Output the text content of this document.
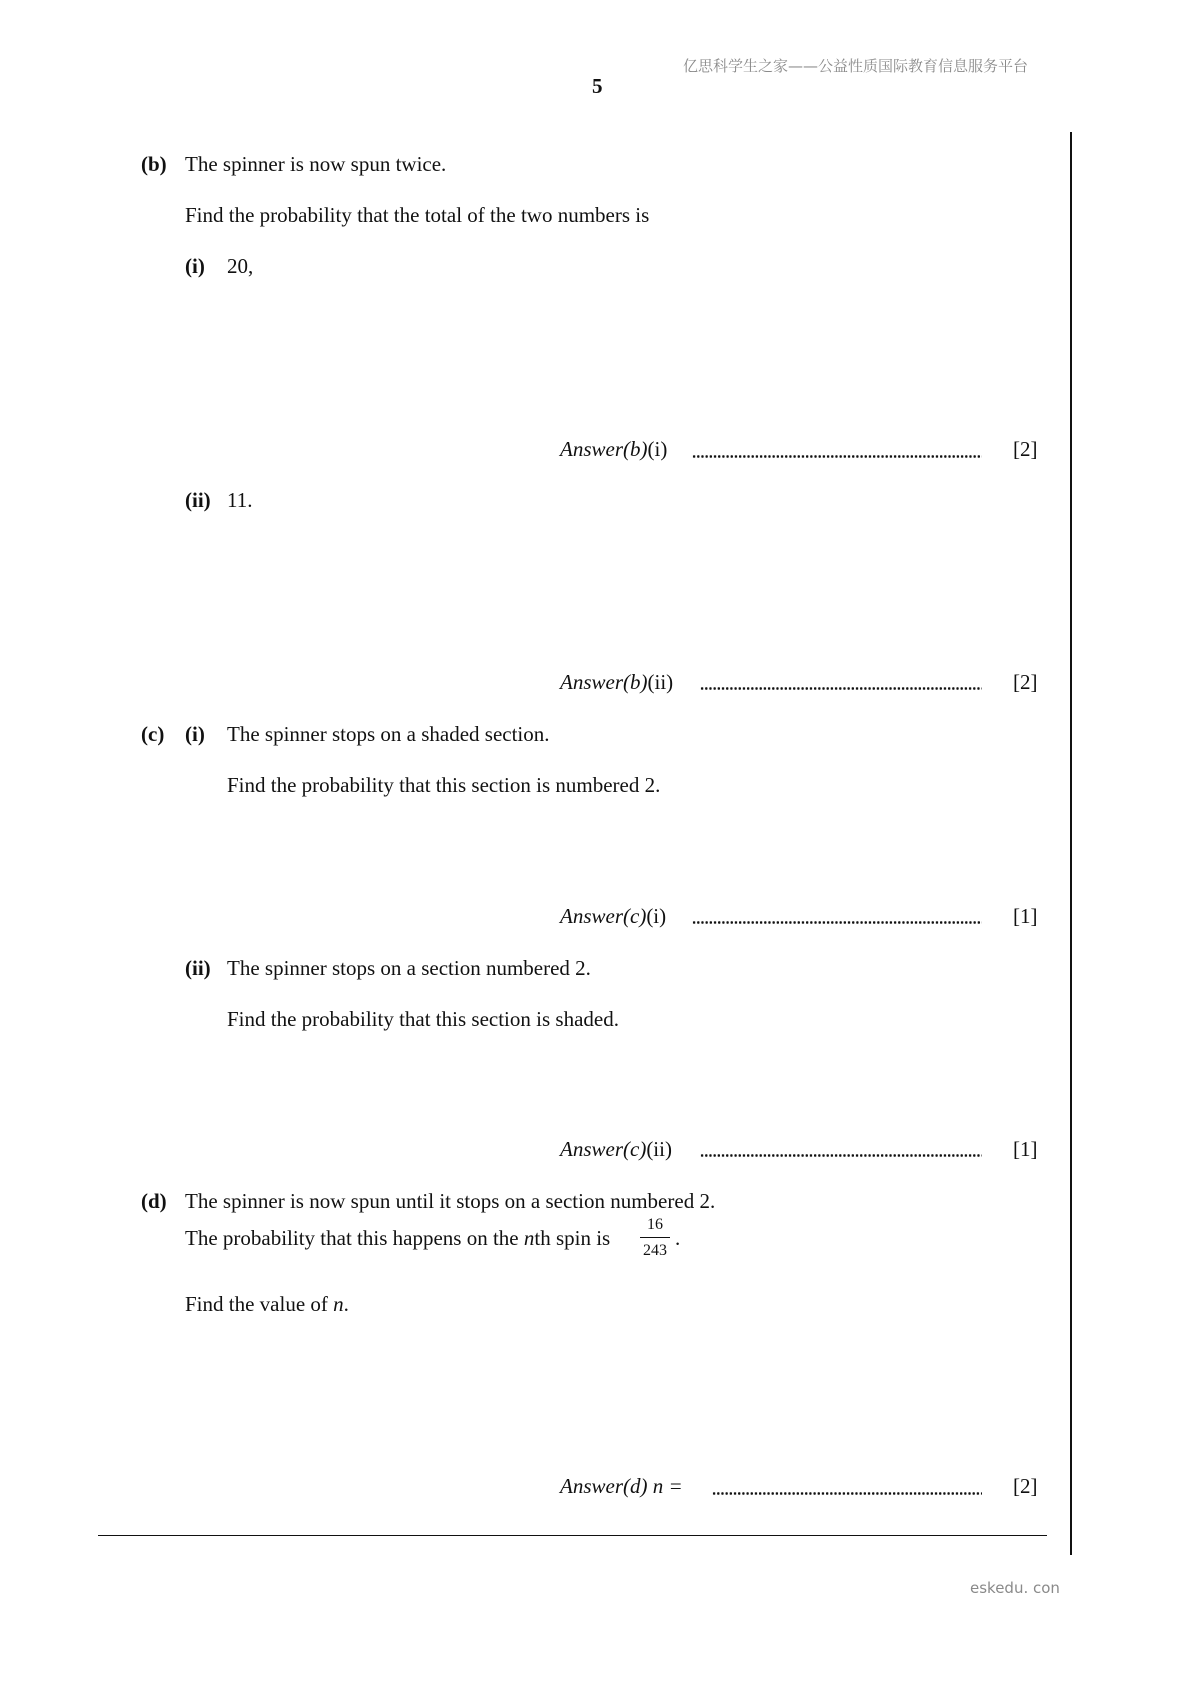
亿思科学生之家——公益性质国际教育信息服务平台
5
(b) The spinner is now spun twice.
Find the probability that the total of the two numbers is
(i) 20,
Answer(b)(i)	[2]
(ii) 11.
Answer(b)(ii)	[2]
(c) (i) The spinner stops on a shaded section.
Find the probability that this section is numbered 2.
Answer(c)(i)	[1]
(ii) The spinner stops on a section numbered 2.
Find the probability that this section is shaded.
Answer(c)(ii)	[1]
(d) The spinner is now spun until it stops on a section numbered 2.
The probability that this happens on the nth spin is
16
243
.
Find the value of n.
Answer(d) n =	[2]
eskedu. con
